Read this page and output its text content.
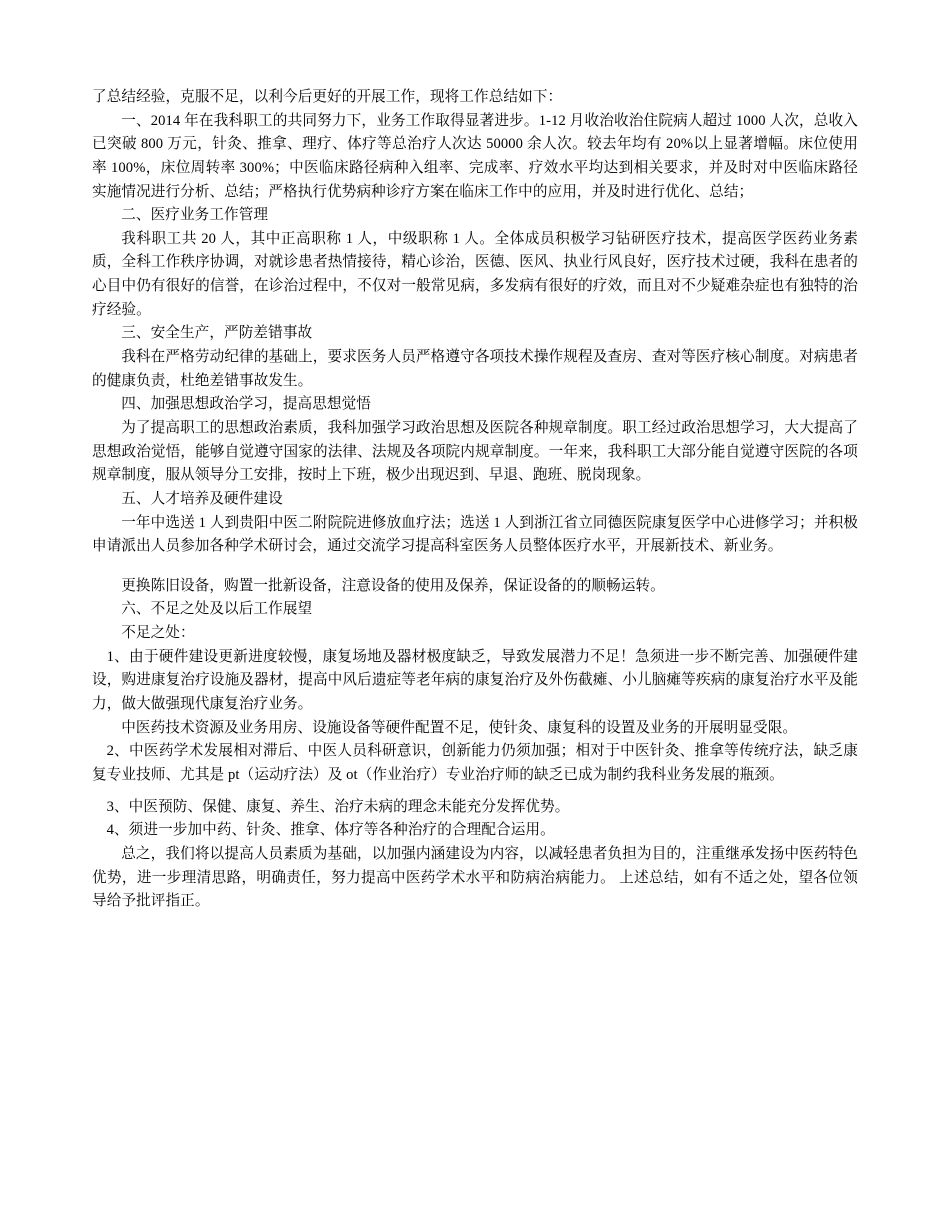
了总结经验，克服不足，以利今后更好的开展工作，现将工作总结如下：

一、2014 年在我科职工的共同努力下，业务工作取得显著进步。1-12 月收治收治住院病人超过 1000 人次，总收入已突破 800 万元，针灸、推拿、理疗、体疗等总治疗人次达 50000 余人次。较去年均有 20%以上显著增幅。床位使用率 100%，床位周转率 300%；中医临床路径病种入组率、完成率、疗效水平均达到相关要求，并及时对中医临床路径实施情况进行分析、总结；严格执行优势病种诊疗方案在临床工作中的应用，并及时进行优化、总结；

二、医疗业务工作管理

我科职工共 20 人，其中正高职称 1 人，中级职称 1 人。全体成员积极学习钻研医疗技术，提高医学医药业务素质，全科工作秩序协调，对就诊患者热情接待，精心诊治，医德、医风、执业行风良好，医疗技术过硬，我科在患者的心目中仍有很好的信誉，在诊治过程中，不仅对一般常见病，多发病有很好的疗效，而且对不少疑难杂症也有独特的治疗经验。

三、安全生产，严防差错事故

我科在严格劳动纪律的基础上，要求医务人员严格遵守各项技术操作规程及查房、查对等医疗核心制度。对病患者的健康负责，杜绝差错事故发生。

四、加强思想政治学习，提高思想觉悟

为了提高职工的思想政治素质，我科加强学习政治思想及医院各种规章制度。职工经过政治思想学习，大大提高了思想政治觉悟，能够自觉遵守国家的法律、法规及各项院内规章制度。一年来，我科职工大部分能自觉遵守医院的各项规章制度，服从领导分工安排，按时上下班，极少出现迟到、早退、跑班、脱岗现象。

五、人才培养及硬件建设

一年中选送 1 人到贵阳中医二附院院进修放血疗法；选送 1 人到浙江省立同德医院康复医学中心进修学习；并积极申请派出人员参加各种学术研讨会，通过交流学习提高科室医务人员整体医疗水平，开展新技术、新业务。

更换陈旧设备，购置一批新设备，注意设备的使用及保养，保证设备的的顺畅运转。

六、不足之处及以后工作展望

不足之处：

1、由于硬件建设更新进度较慢，康复场地及器材极度缺乏，导致发展潜力不足！急须进一步不断完善、加强硬件建设，购进康复治疗设施及器材，提高中风后遗症等老年病的康复治疗及外伤截瘫、小儿脑瘫等疾病的康复治疗水平及能力，做大做强现代康复治疗业务。

中医药技术资源及业务用房、设施设备等硬件配置不足，使针灸、康复科的设置及业务的开展明显受限。

2、中医药学术发展相对滞后、中医人员科研意识，创新能力仍须加强；相对于中医针灸、推拿等传统疗法，缺乏康复专业技师、尤其是 pt（运动疗法）及 ot（作业治疗）专业治疗师的缺乏已成为制约我科业务发展的瓶颈。

3、中医预防、保健、康复、养生、治疗未病的理念未能充分发挥优势。

4、须进一步加中药、针灸、推拿、体疗等各种治疗的合理配合运用。

总之，我们将以提高人员素质为基础，以加强内涵建设为内容，以减轻患者负担为目的，注重继承发扬中医药特色优势，进一步理清思路，明确责任，努力提高中医药学术水平和防病治病能力。 上述总结，如有不适之处，望各位领导给予批评指正。
